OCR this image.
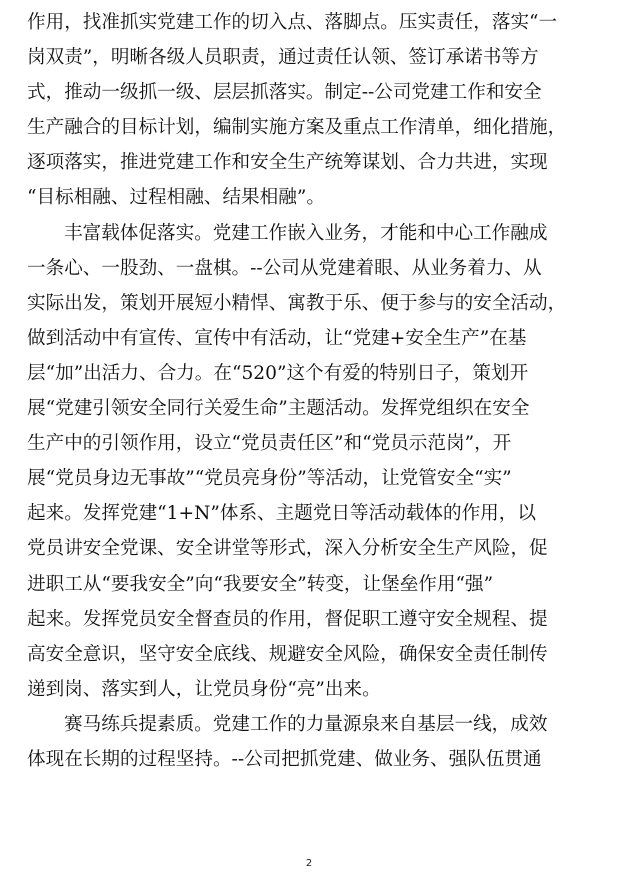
作用，找准抓实党建工作的切入点、落脚点。压实责任，落实“一
岗双责”，明晰各级人员职责，通过责任认领、签订承诺书等方
式，推动一级抓一级、层层抓落实。制定--公司党建工作和安全
生产融合的目标计划，编制实施方案及重点工作清单，细化措施，
逐项落实，推进党建工作和安全生产统筹谋划、合力共进，实现
“目标相融、过程相融、结果相融”。
丰富载体促落实。党建工作嵌入业务，才能和中心工作融成
一条心、一股劲、一盘棋。--公司从党建着眼、从业务着力、从
实际出发，策划开展短小精悍、寓教于乐、便于参与的安全活动，
做到活动中有宣传、宣传中有活动，让“党建+安全生产”在基
层“加”出活力、合力。在“520”这个有爱的特别日子，策划开
展“党建引领安全同行关爱生命”主题活动。发挥党组织在安全
生产中的引领作用，设立“党员责任区”和“党员示范岗”，开
展“党员身边无事故”“党员亮身份”等活动，让党管安全“实”
起来。发挥党建“1+N”体系、主题党日等活动载体的作用，以
党员讲安全党课、安全讲堂等形式，深入分析安全生产风险，促
进职工从“要我安全”向“我要安全”转变，让堡垒作用“强”
起来。发挥党员安全督查员的作用，督促职工遵守安全规程、提
高安全意识，坚守安全底线、规避安全风险，确保安全责任制传
递到岗、落实到人，让党员身份“亮”出来。
赛马练兵提素质。党建工作的力量源泉来自基层一线，成效
体现在长期的过程坚持。--公司把抓党建、做业务、强队伍贯通
2
